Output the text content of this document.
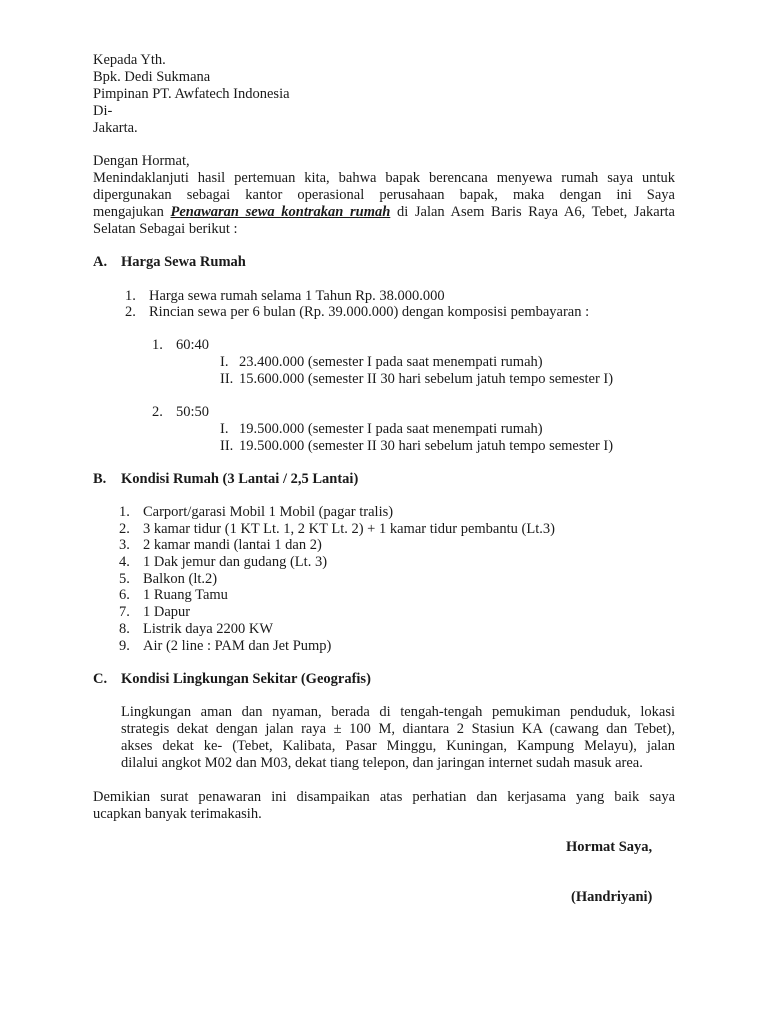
Kepada Yth.
Bpk. Dedi Sukmana
Pimpinan PT. Awfatech Indonesia
Di-
Jakarta.
Dengan Hormat,
Menindaklanjuti hasil pertemuan kita, bahwa bapak berencana menyewa rumah saya untuk
dipergunakan sebagai kantor operasional perusahaan bapak, maka dengan ini Saya
mengajukan Penawaran sewa kontrakan rumah di Jalan Asem Baris Raya A6, Tebet, Jakarta
Selatan Sebagai berikut :
A. Harga Sewa Rumah
1. Harga sewa rumah selama 1 Tahun Rp. 38.000.000
2. Rincian sewa per 6 bulan (Rp. 39.000.000) dengan komposisi pembayaran :
1. 60:40
I. 23.400.000 (semester I pada saat menempati rumah)
II. 15.600.000 (semester II 30 hari sebelum jatuh tempo semester I)
2. 50:50
I. 19.500.000 (semester I pada saat menempati rumah)
II. 19.500.000 (semester II 30 hari sebelum jatuh tempo semester I)
B. Kondisi Rumah (3 Lantai / 2,5 Lantai)
1. Carport/garasi Mobil 1 Mobil (pagar tralis)
2. 3 kamar tidur (1 KT Lt. 1, 2 KT Lt. 2) + 1 kamar tidur pembantu (Lt.3)
3. 2 kamar mandi (lantai 1 dan 2)
4. 1 Dak jemur dan gudang (Lt. 3)
5. Balkon (lt.2)
6. 1 Ruang Tamu
7. 1 Dapur
8. Listrik daya 2200 KW
9. Air (2 line : PAM dan Jet Pump)
C. Kondisi Lingkungan Sekitar (Geografis)
Lingkungan aman dan nyaman, berada di tengah-tengah pemukiman penduduk, lokasi
strategis dekat dengan jalan raya ± 100 M, diantara 2 Stasiun KA (cawang dan Tebet),
akses dekat ke- (Tebet, Kalibata, Pasar Minggu, Kuningan, Kampung Melayu), jalan
dilalui angkot M02 dan M03, dekat tiang telepon, dan jaringan internet sudah masuk area.
Demikian surat penawaran ini disampaikan atas perhatian dan kerjasama yang baik saya
ucapkan banyak terimakasih.
Hormat Saya,
(Handriyani)
